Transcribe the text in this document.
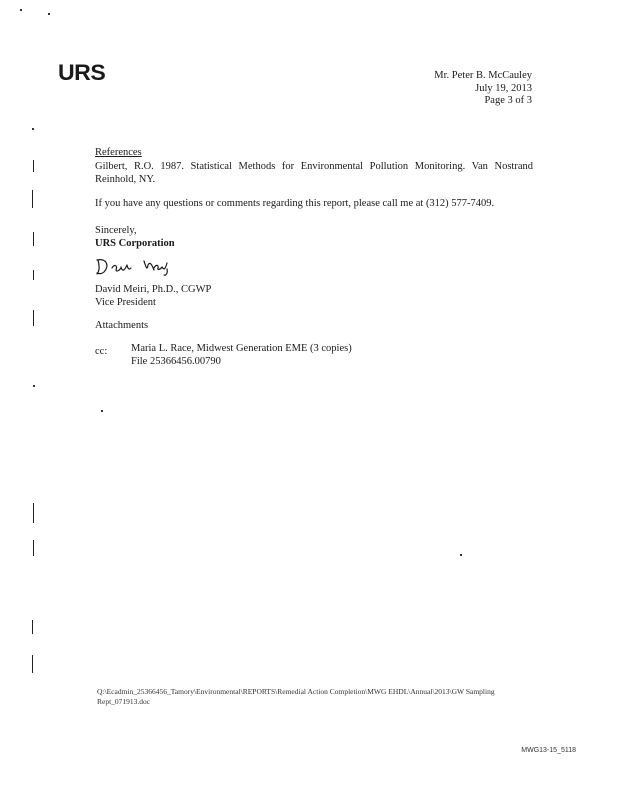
URS	Mr. Peter B. McCauley
July 19, 2013
Page 3 of 3
References
Gilbert, R.O. 1987. Statistical Methods for Environmental Pollution Monitoring. Van Nostrand Reinhold, NY.
If you have any questions or comments regarding this report, please call me at (312) 577-7409.
Sincerely,
URS Corporation
David Meiri, Ph.D., CGWP
Vice President
Attachments
cc: Maria L. Race, Midwest Generation EME (3 copies)
File 25366456.00790
Q:\Ecadmin_25366456_Tamory\Environmental\REPORTS\Remedial Action Completion\MWG EHDL\Annual\2013\GW Sampling
Rept_071913.doc
MWG13-15_5118
